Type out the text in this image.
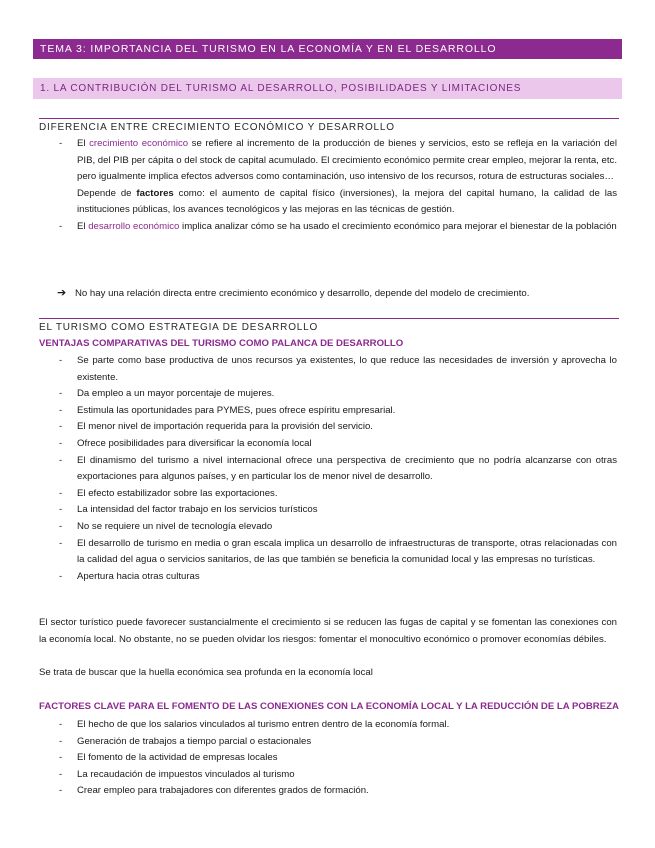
TEMA 3: IMPORTANCIA DEL TURISMO EN LA ECONOMÍA Y EN EL DESARROLLO
1. LA CONTRIBUCIÓN DEL TURISMO AL DESARROLLO, POSIBILIDADES Y LIMITACIONES
DIFERENCIA ENTRE CRECIMIENTO ECONÓMICO Y DESARROLLO
- El crecimiento económico se refiere al incremento de la producción de bienes y servicios, esto se refleja en la variación del PIB, del PIB per cápita o del stock de capital acumulado. El crecimiento económico permite crear empleo, mejorar la renta, etc. pero igualmente implica efectos adversos como contaminación, uso intensivo de los recursos, rotura de estructuras sociales…
Depende de factores como: el aumento de capital físico (inversiones), la mejora del capital humano, la calidad de las instituciones públicas, los avances tecnológicos y las mejoras en las técnicas de gestión.
- El desarrollo económico implica analizar cómo se ha usado el crecimiento económico para mejorar el bienestar de la población
➔ No hay una relación directa entre crecimiento económico y desarrollo, depende del modelo de crecimiento.
EL TURISMO COMO ESTRATEGIA DE DESARROLLO
VENTAJAS COMPARATIVAS DEL TURISMO COMO PALANCA DE DESARROLLO
- Se parte como base productiva de unos recursos ya existentes, lo que reduce las necesidades de inversión y aprovecha lo existente.
- Da empleo a un mayor porcentaje de mujeres.
- Estimula las oportunidades para PYMES, pues ofrece espíritu empresarial.
- El menor nivel de importación requerida para la provisión del servicio.
- Ofrece posibilidades para diversificar la economía local
- El dinamismo del turismo a nivel internacional ofrece una perspectiva de crecimiento que no podría alcanzarse con otras exportaciones para algunos países, y en particular los de menor nivel de desarrollo.
- El efecto estabilizador sobre las exportaciones.
- La intensidad del factor trabajo en los servicios turísticos
- No se requiere un nivel de tecnología elevado
- El desarrollo de turismo en media o gran escala implica un desarrollo de infraestructuras de transporte, otras relacionadas con la calidad del agua o servicios sanitarios, de las que también se beneficia la comunidad local y las empresas no turísticas.
- Apertura hacia otras culturas
El sector turístico puede favorecer sustancialmente el crecimiento si se reducen las fugas de capital y se fomentan las conexiones con la economía local. No obstante, no se pueden olvidar los riesgos: fomentar el monocultivo económico o promover economías débiles.
Se trata de buscar que la huella económica sea profunda en la economía local
FACTORES CLAVE PARA EL FOMENTO DE LAS CONEXIONES CON LA ECONOMÍA LOCAL Y LA REDUCCIÓN DE LA POBREZA
- El hecho de que los salarios vinculados al turismo entren dentro de la economía formal.
- Generación de trabajos a tiempo parcial o estacionales
- El fomento de la actividad de empresas locales
- La recaudación de impuestos vinculados al turismo
- Crear empleo para trabajadores con diferentes grados de formación.
